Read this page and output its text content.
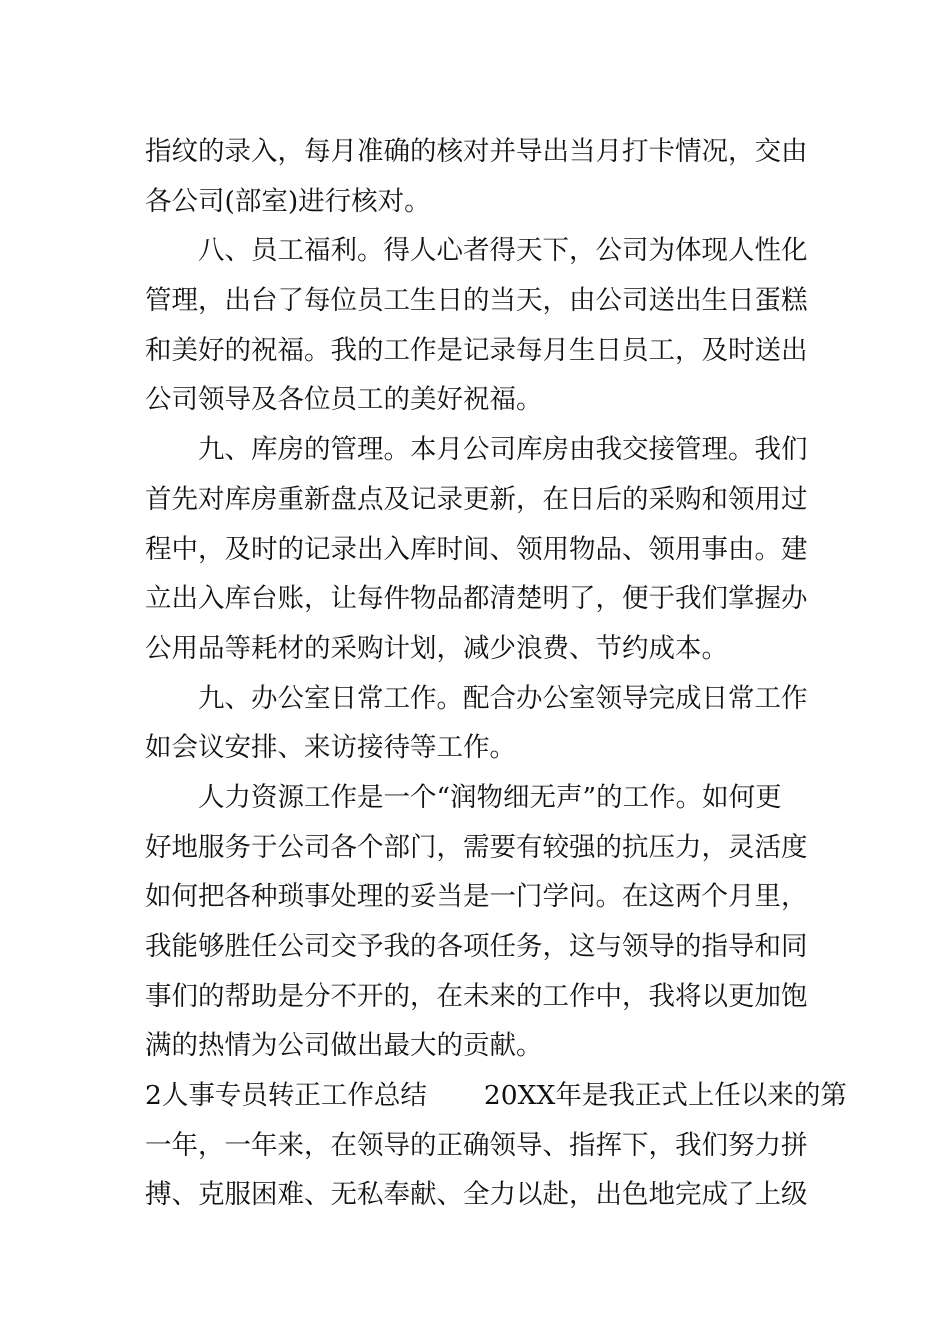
指纹的录入，每月准确的核对并导出当月打卡情况，交由
各公司(部室)进行核对。
八、员工福利。得人心者得天下，公司为体现人性化
管理，出台了每位员工生日的当天，由公司送出生日蛋糕
和美好的祝福。我的工作是记录每月生日员工，及时送出
公司领导及各位员工的美好祝福。
九、库房的管理。本月公司库房由我交接管理。我们
首先对库房重新盘点及记录更新，在日后的采购和领用过
程中，及时的记录出入库时间、领用物品、领用事由。建
立出入库台账，让每件物品都清楚明了，便于我们掌握办
公用品等耗材的采购计划，减少浪费、节约成本。
九、办公室日常工作。配合办公室领导完成日常工作
如会议安排、来访接待等工作。
人力资源工作是一个“润物细无声”的工作。如何更
好地服务于公司各个部门，需要有较强的抗压力，灵活度
如何把各种琐事处理的妥当是一门学问。在这两个月里，
我能够胜任公司交予我的各项任务，这与领导的指导和同
事们的帮助是分不开的，在未来的工作中，我将以更加饱
满的热情为公司做出最大的贡献。
2人事专员转正工作总结 20XX年是我正式上任以来的第
一年，一年来，在领导的正确领导、指挥下，我们努力拼
搏、克服困难、无私奉献、全力以赴，出色地完成了上级
